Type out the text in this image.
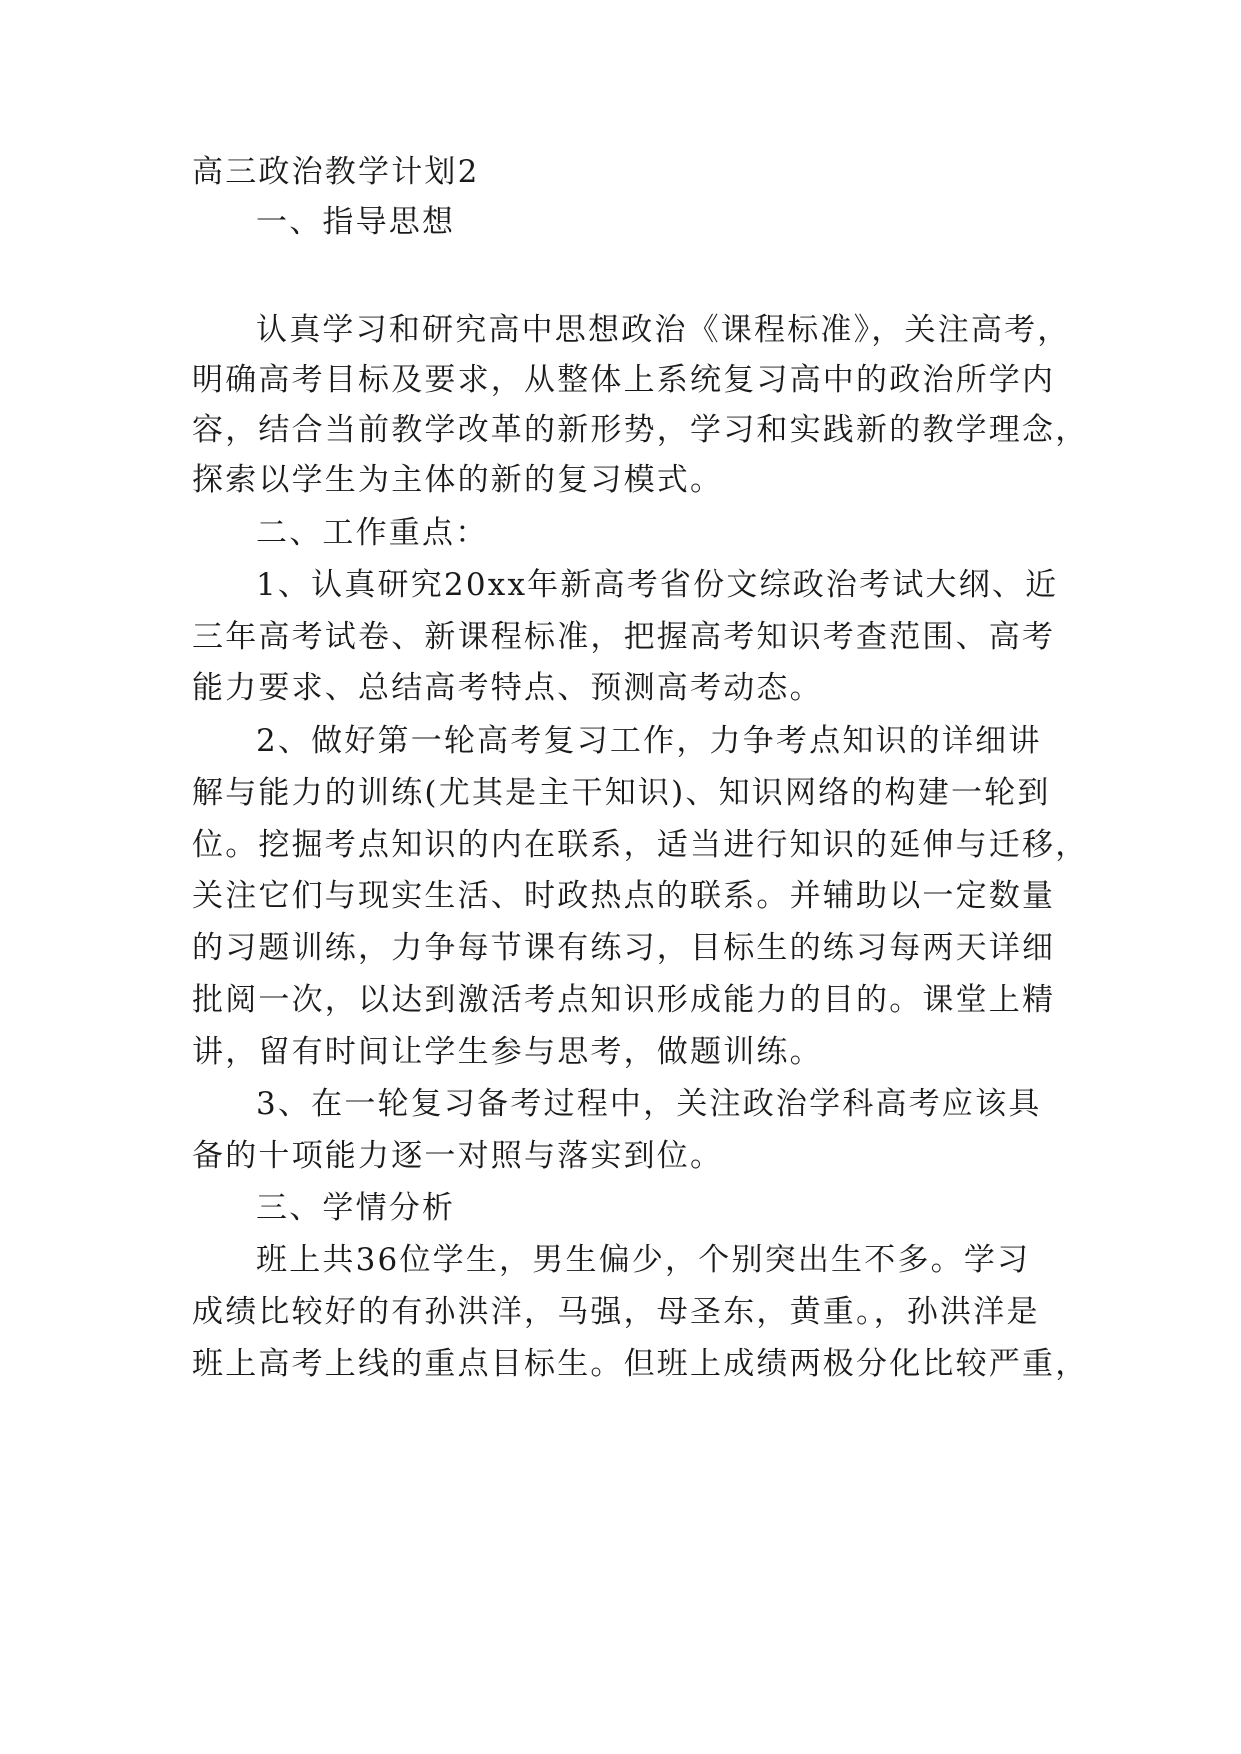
高三政治教学计划2
一、指导思想
认真学习和研究高中思想政治《课程标准》，关注高考，
明确高考目标及要求，从整体上系统复习高中的政治所学内
容，结合当前教学改革的新形势，学习和实践新的教学理念，
探索以学生为主体的新的复习模式。
二、工作重点：
1、认真研究20xx年新高考省份文综政治考试大纲、近
三年高考试卷、新课程标准，把握高考知识考查范围、高考
能力要求、总结高考特点、预测高考动态。
2、做好第一轮高考复习工作，力争考点知识的详细讲
解与能力的训练(尤其是主干知识)、知识网络的构建一轮到
位。挖掘考点知识的内在联系，适当进行知识的延伸与迁移，
关注它们与现实生活、时政热点的联系。并辅助以一定数量
的习题训练，力争每节课有练习，目标生的练习每两天详细
批阅一次，以达到激活考点知识形成能力的目的。课堂上精
讲，留有时间让学生参与思考，做题训练。
3、在一轮复习备考过程中，关注政治学科高考应该具
备的十项能力逐一对照与落实到位。
三、学情分析
班上共36位学生，男生偏少，个别突出生不多。学习
成绩比较好的有孙洪洋，马强，母圣东，黄重。，孙洪洋是
班上高考上线的重点目标生。但班上成绩两极分化比较严重，
